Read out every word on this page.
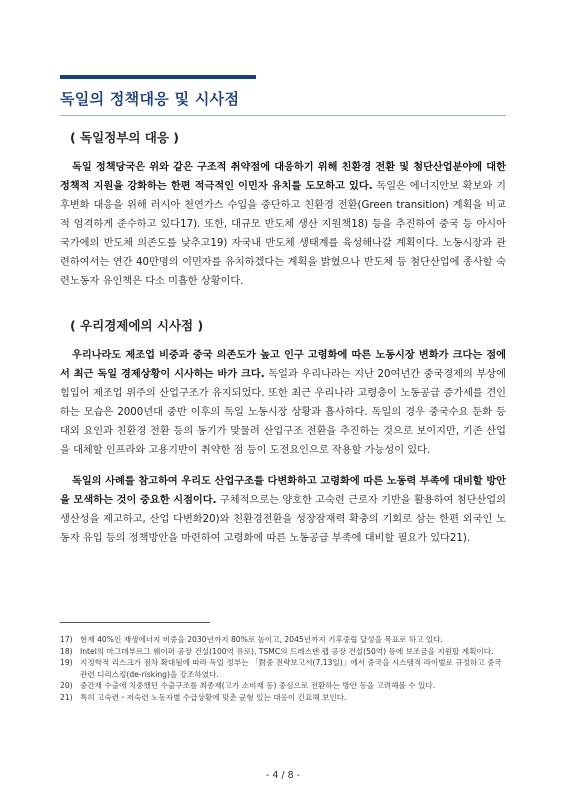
독일의 정책대응 및 시사점
( 독일정부의 대응 )

독일 정책당국은 위와 같은 구조적 취약점에 대응하기 위해 친환경 전환 및 첨단산업분야에 대한 정책적 지원을 강화하는 한편 적극적인 이민자 유치를 도모하고 있다. 독일은 에너지안보 확보와 기후변화 대응을 위해 러시아 천연가스 수입을 중단하고 친환경 전환(Green transition) 계획을 비교적 엄격하게 준수하고 있다17). 또한, 대규모 반도체 생산 지원책18) 등을 추진하여 중국 등 아시아 국가에의 반도체 의존도를 낮추고19) 자국내 반도체 생태계를 육성해나갈 계획이다. 노동시장과 관련하여서는 연간 40만명의 이민자를 유치하겠다는 계획을 밝혔으나 반도체 등 첨단산업에 종사할 숙련노동자 유인책은 다소 미흡한 상황이다.

( 우리경제에의 시사점 )

우리나라도 제조업 비중과 중국 의존도가 높고 인구 고령화에 따른 노동시장 변화가 크다는 점에서 최근 독일 경제상황이 시사하는 바가 크다. 독일과 우리나라는 지난 20여년간 중국경제의 부상에 힘입어 제조업 위주의 산업구조가 유지되었다. 또한 최근 우리나라 고령층이 노동공급 증가세를 견인하는 모습은 2000년대 중반 이후의 독일 노동시장 상황과 흡사하다. 독일의 경우 중국수요 둔화 등 대외 요인과 친환경 전환 등의 동기가 맞물려 산업구조 전환을 추진하는 것으로 보이지만, 기존 산업을 대체할 인프라와 고용기반이 취약한 점 등이 도전요인으로 작용할 가능성이 있다.

독일의 사례를 참고하여 우리도 산업구조를 다변화하고 고령화에 따른 노동력 부족에 대비할 방안을 모색하는 것이 중요한 시점이다. 구체적으로는 양호한 고숙련 근로자 기반을 활용하여 첨단산업의 생산성을 제고하고, 산업 다변화20)와 친환경전환을 성장잠재력 확충의 기회로 삼는 한편 외국인 노동자 유입 등의 정책방안을 마련하여 고령화에 따른 노동공급 부족에 대비할 필요가 있다21).

17) 현재 40%인 재생에너지 비중을 2030년까지 80%로 높이고, 2045년까지 기후중립 달성을 목표로 하고 있다.
18) Intel의 마그데부르그 웨이퍼 공장 건설(100억 유로), TSMC의 드레스덴 팹 공장 건설(50억) 등에 보조금을 지원할 계획이다.
19) 지정학적 리스크가 점차 확대됨에 따라 독일 정부는 「對중 전략보고서(7.13일)」에서 중국을 시스템적 라이벌로 규정하고 중국 관련 디리스킹(de-risking)을 강조하였다.
20) 중간재 수출에 치중했던 수출구조를 최종재(고가 소비재 등) 중심으로 전환하는 방안 등을 고려해볼 수 있다.
21) 특히 고숙련・저숙련 노동자별 수급상황에 맞춘 균형 있는 대응이 긴요해 보인다.
- 4 / 8 -
